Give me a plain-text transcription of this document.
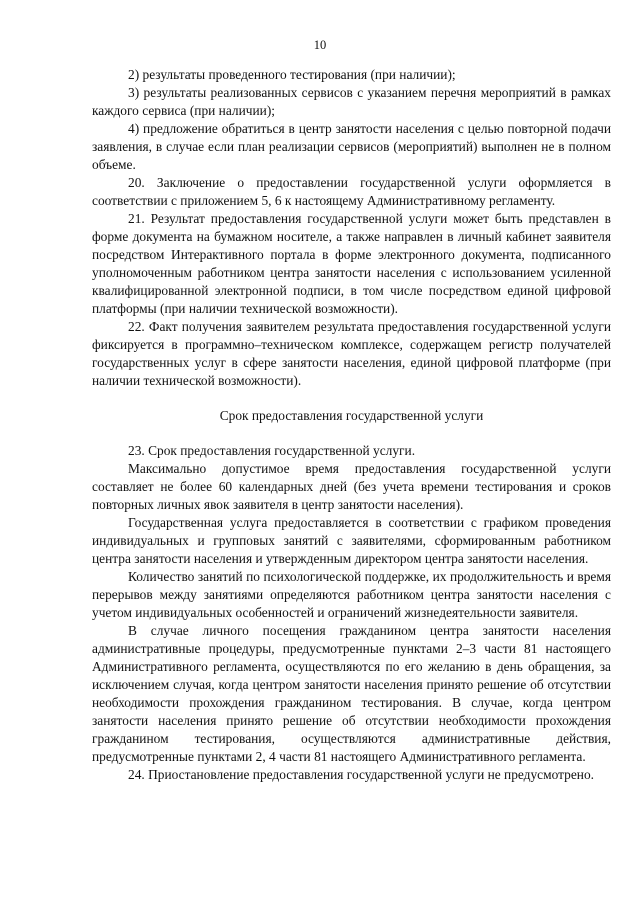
10

2) результаты проведенного тестирования (при наличии);

3) результаты реализованных сервисов с указанием перечня мероприятий в рамках каждого сервиса (при наличии);

4) предложение обратиться в центр занятости населения с целью повторной подачи заявления, в случае если план реализации сервисов (мероприятий) выполнен не в полном объеме.

20. Заключение о предоставлении государственной услуги оформляется в соответствии с приложением 5, 6 к настоящему Административному регламенту.

21. Результат предоставления государственной услуги может быть представлен в форме документа на бумажном носителе, а также направлен в личный кабинет заявителя посредством Интерактивного портала в форме электронного документа, подписанного уполномоченным работником центра занятости населения с использованием усиленной квалифицированной электронной подписи, в том числе посредством единой цифровой платформы (при наличии технической возможности).

22. Факт получения заявителем результата предоставления государственной услуги фиксируется в программно–техническом комплексе, содержащем регистр получателей государственных услуг в сфере занятости населения, единой цифровой платформе (при наличии технической возможности).

Срок предоставления государственной услуги

23. Срок предоставления государственной услуги.

Максимально допустимое время предоставления государственной услуги составляет не более 60 календарных дней (без учета времени тестирования и сроков повторных личных явок заявителя в центр занятости населения).

Государственная услуга предоставляется в соответствии с графиком проведения индивидуальных и групповых занятий с заявителями, сформированным работником центра занятости населения и утвержденным директором центра занятости населения.

Количество занятий по психологической поддержке, их продолжительность и время перерывов между занятиями определяются работником центра занятости населения с учетом индивидуальных особенностей и ограничений жизнедеятельности заявителя.

В случае личного посещения гражданином центра занятости населения административные процедуры, предусмотренные пунктами 2–3 части 81 настоящего Административного регламента, осуществляются по его желанию в день обращения, за исключением случая, когда центром занятости населения принято решение об отсутствии необходимости прохождения гражданином тестирования. В случае, когда центром занятости населения принято решение об отсутствии необходимости прохождения гражданином тестирования, осуществляются административные действия, предусмотренные пунктами 2, 4 части 81 настоящего Административного регламента.

24. Приостановление предоставления государственной услуги не предусмотрено.
